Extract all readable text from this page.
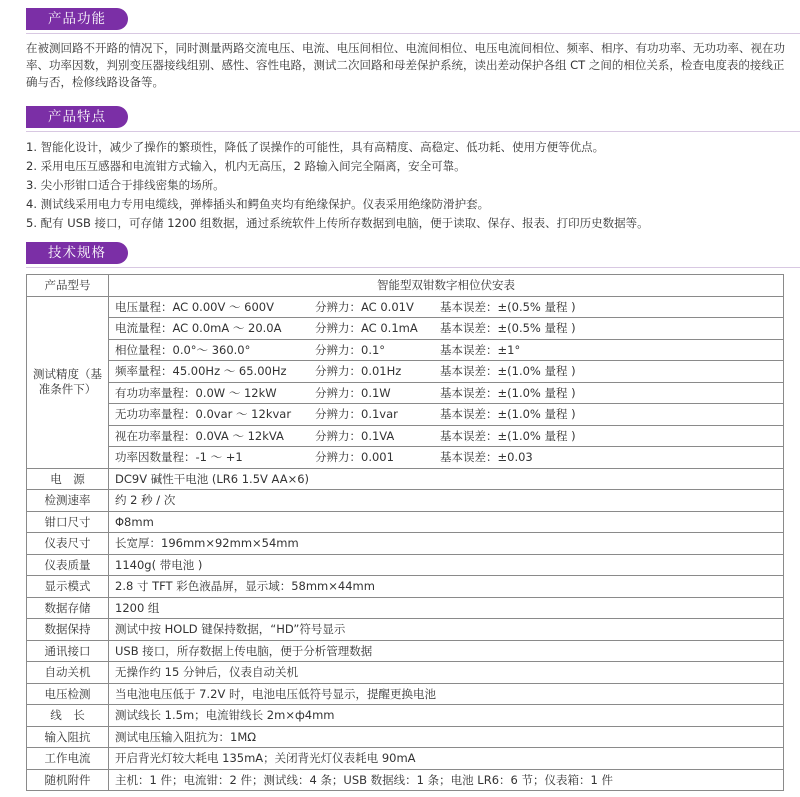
产品功能
在被测回路不开路的情况下，同时测量两路交流电压、电流、电压间相位、电流间相位、电压电流间相位、频率、相序、有功功率、无功功率、视在功率、功率因数，判别变压器接线组别、感性、容性电路，测试二次回路和母差保护系统，读出差动保护各组 CT 之间的相位关系，检查电度表的接线正确与否，检修线路设备等。
产品特点
1. 智能化设计，减少了操作的繁琐性，降低了误操作的可能性，具有高精度、高稳定、低功耗、使用方便等优点。
2. 采用电压互感器和电流钳方式输入，机内无高压，2 路输入间完全隔离，安全可靠。
3. 尖小形钳口适合于排线密集的场所。
4. 测试线采用电力专用电缆线，弹棒插头和鳄鱼夹均有绝缘保护。仪表采用绝缘防滑护套。
5. 配有 USB 接口，可存储 1200 组数据，通过系统软件上传所存数据到电脑，便于读取、保存、报表、打印历史数据等。
技术规格
产品型号	智能型双钳数字相位伏安表
测试精度（基准条件下）	电压量程：AC 0.00V ～ 600V 分辨力：AC 0.01V 基本误差：±(0.5% 量程 )

	电流量程：AC 0.0mA ～ 20.0A 分辨力：AC 0.1mA 基本误差：±(0.5% 量程 )

	相位量程：0.0°～ 360.0° 分辨力：0.1° 基本误差：±1°

	频率量程：45.00Hz ～ 65.00Hz 分辨力：0.01Hz 基本误差：±(1.0% 量程 )

	有功功率量程：0.0W ～ 12kW 分辨力：0.1W 基本误差：±(1.0% 量程 )

	无功功率量程：0.0var ～ 12kvar 分辨力：0.1var 基本误差：±(1.0% 量程 )

	视在功率量程：0.0VA ～ 12kVA 分辨力：0.1VA 基本误差：±(1.0% 量程 )

	功率因数量程：-1 ～ +1 分辨力：0.001 基本误差：±0.03

电　源	DC9V 碱性干电池 (LR6 1.5V AA×6)
检测速率	约 2 秒 / 次
钳口尺寸	Φ8mm
仪表尺寸	长宽厚：196mm×92mm×54mm
仪表质量	1140g( 带电池 )
显示模式	2.8 寸 TFT 彩色液晶屏，显示域：58mm×44mm
数据存储	1200 组
数据保持	测试中按 HOLD 键保持数据，“HD”符号显示
通讯接口	USB 接口，所存数据上传电脑，便于分析管理数据
自动关机	无操作约 15 分钟后，仪表自动关机
电压检测	当电池电压低于 7.2V 时，电池电压低符号显示，提醒更换电池
线　长	测试线长 1.5m；电流钳线长 2m×ф4mm
输入阻抗	测试电压输入阻抗为：1MΩ
工作电流	开启背光灯较大耗电 135mA；关闭背光灯仪表耗电 90mA
随机附件	主机：1 件；电流钳：2 件；测试线：4 条；USB 数据线：1 条；电池 LR6：6 节；仪表箱：1 件
